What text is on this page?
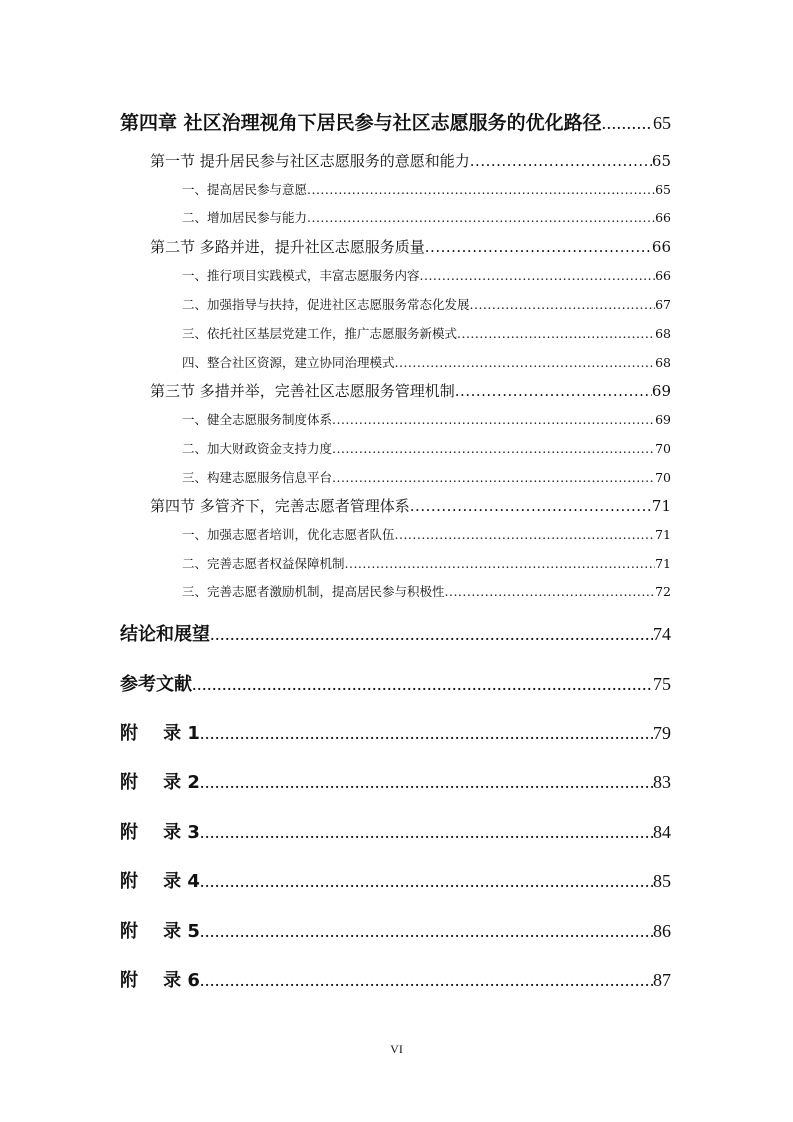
第四章 社区治理视角下居民参与社区志愿服务的优化路径 .....	65
第一节 提升居民参与社区志愿服务的意愿和能力 .....	65
一、提高居民参与意愿 .....	65
二、增加居民参与能力 .....	66
第二节 多路并进，提升社区志愿服务质量 .....	66
一、推行项目实践模式，丰富志愿服务内容 .....	66
二、加强指导与扶持，促进社区志愿服务常态化发展 .....	67
三、依托社区基层党建工作，推广志愿服务新模式 .....	68
四、整合社区资源，建立协同治理模式 .....	68
第三节 多措并举，完善社区志愿服务管理机制 .....	69
一、健全志愿服务制度体系 .....	69
二、加大财政资金支持力度 .....	70
三、构建志愿服务信息平台 .....	70
第四节 多管齐下，完善志愿者管理体系 .....	71
一、加强志愿者培训，优化志愿者队伍 .....	71
二、完善志愿者权益保障机制 .....	71
三、完善志愿者激励机制，提高居民参与积极性 .....	72
结论和展望 .....	74
参考文献 .....	75
附    录 1 .....	79
附    录 2 .....	83
附    录 3 .....	84
附    录 4 .....	85
附    录 5 .....	86
附    录 6 .....	87
VI
